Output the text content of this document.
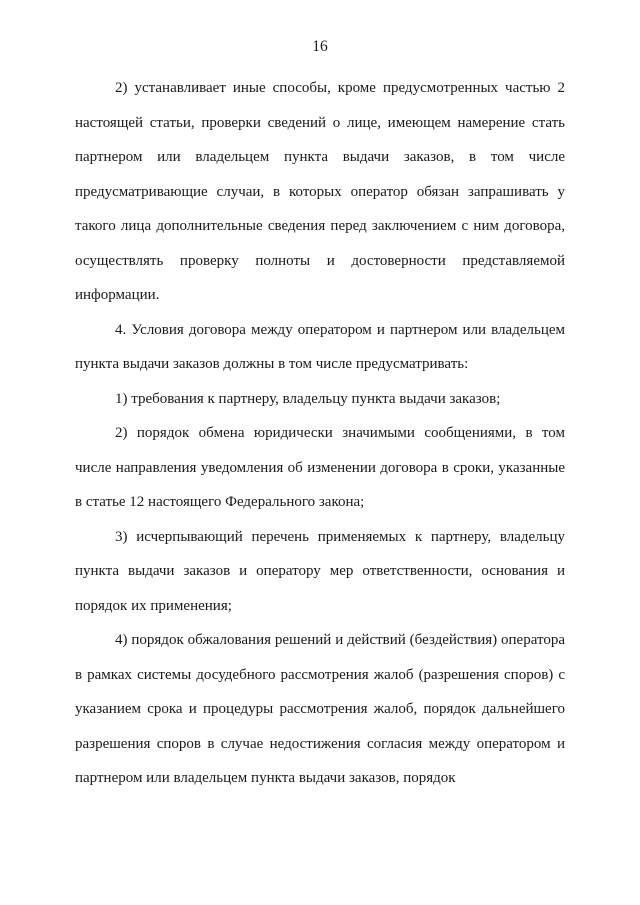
16

2) устанавливает иные способы, кроме предусмотренных частью 2 настоящей статьи, проверки сведений о лице, имеющем намерение стать партнером или владельцем пункта выдачи заказов, в том числе предусматривающие случаи, в которых оператор обязан запрашивать у такого лица дополнительные сведения перед заключением с ним договора, осуществлять проверку полноты и достоверности представляемой информации.

4. Условия договора между оператором и партнером или владельцем пункта выдачи заказов должны в том числе предусматривать:

1) требования к партнеру, владельцу пункта выдачи заказов;

2) порядок обмена юридически значимыми сообщениями, в том числе направления уведомления об изменении договора в сроки, указанные в статье 12 настоящего Федерального закона;

3) исчерпывающий перечень применяемых к партнеру, владельцу пункта выдачи заказов и оператору мер ответственности, основания и порядок их применения;

4) порядок обжалования решений и действий (бездействия) оператора в рамках системы досудебного рассмотрения жалоб (разрешения споров) с указанием срока и процедуры рассмотрения жалоб, порядок дальнейшего разрешения споров в случае недостижения согласия между оператором и партнером или владельцем пункта выдачи заказов, порядок
